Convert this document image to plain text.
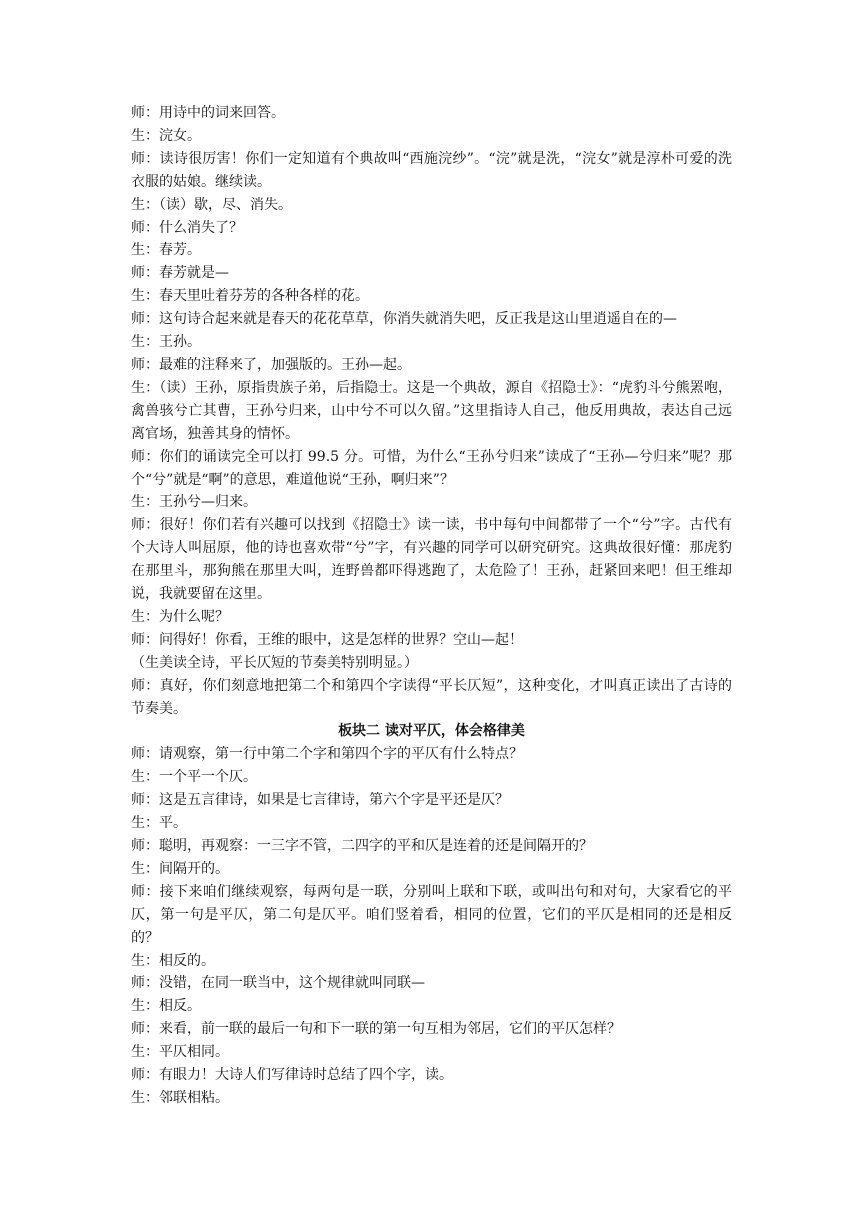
师：用诗中的词来回答。

生：浣女。

师：读诗很厉害！你们一定知道有个典故叫“西施浣纱”。“浣”就是洗，“浣女”就是淳朴可爱的洗衣服的姑娘。继续读。

生：（读）歇，尽、消失。

师：什么消失了？

生：春芳。

师：春芳就是—

生：春天里吐着芬芳的各种各样的花。

师：这句诗合起来就是春天的花花草草，你消失就消失吧，反正我是这山里逍遥自在的—

生：王孙。

师：最难的注释来了，加强版的。王孙—起。

生：（读）王孙，原指贵族子弟，后指隐士。这是一个典故，源自《招隐士》：“虎豹斗兮熊罴咆，禽兽骇兮亡其曹，王孙兮归来，山中兮不可以久留。”这里指诗人自己，他反用典故，表达自己远离官场，独善其身的情怀。

师：你们的诵读完全可以打 99.5 分。可惜，为什么“王孙兮归来”读成了“王孙—兮归来”呢？那个“兮”就是“啊”的意思，难道他说“王孙，啊归来”？

生：王孙兮—归来。

师：很好！你们若有兴趣可以找到《招隐士》读一读，书中每句中间都带了一个“兮”字。古代有个大诗人叫屈原，他的诗也喜欢带“兮”字，有兴趣的同学可以研究研究。这典故很好懂：那虎豹在那里斗，那狗熊在那里大叫，连野兽都吓得逃跑了，太危险了！王孙，赶紧回来吧！但王维却说，我就要留在这里。

生：为什么呢？

师：问得好！你看，王维的眼中，这是怎样的世界？空山—起！

（生美读全诗，平长仄短的节奏美特别明显。）

师：真好，你们刻意地把第二个和第四个字读得“平长仄短”，这种变化，才叫真正读出了古诗的节奏美。

板块二 读对平仄，体会格律美

师：请观察，第一行中第二个字和第四个字的平仄有什么特点？

生：一个平一个仄。

师：这是五言律诗，如果是七言律诗，第六个字是平还是仄？

生：平。

师：聪明，再观察：一三字不管，二四字的平和仄是连着的还是间隔开的？

生：间隔开的。

师：接下来咱们继续观察，每两句是一联，分别叫上联和下联，或叫出句和对句，大家看它的平仄，第一句是平仄，第二句是仄平。咱们竖着看，相同的位置，它们的平仄是相同的还是相反的？

生：相反的。

师：没错，在同一联当中，这个规律就叫同联—

生：相反。

师：来看，前一联的最后一句和下一联的第一句互相为邻居，它们的平仄怎样？

生：平仄相同。

师：有眼力！大诗人们写律诗时总结了四个字，读。

生：邻联相粘。
